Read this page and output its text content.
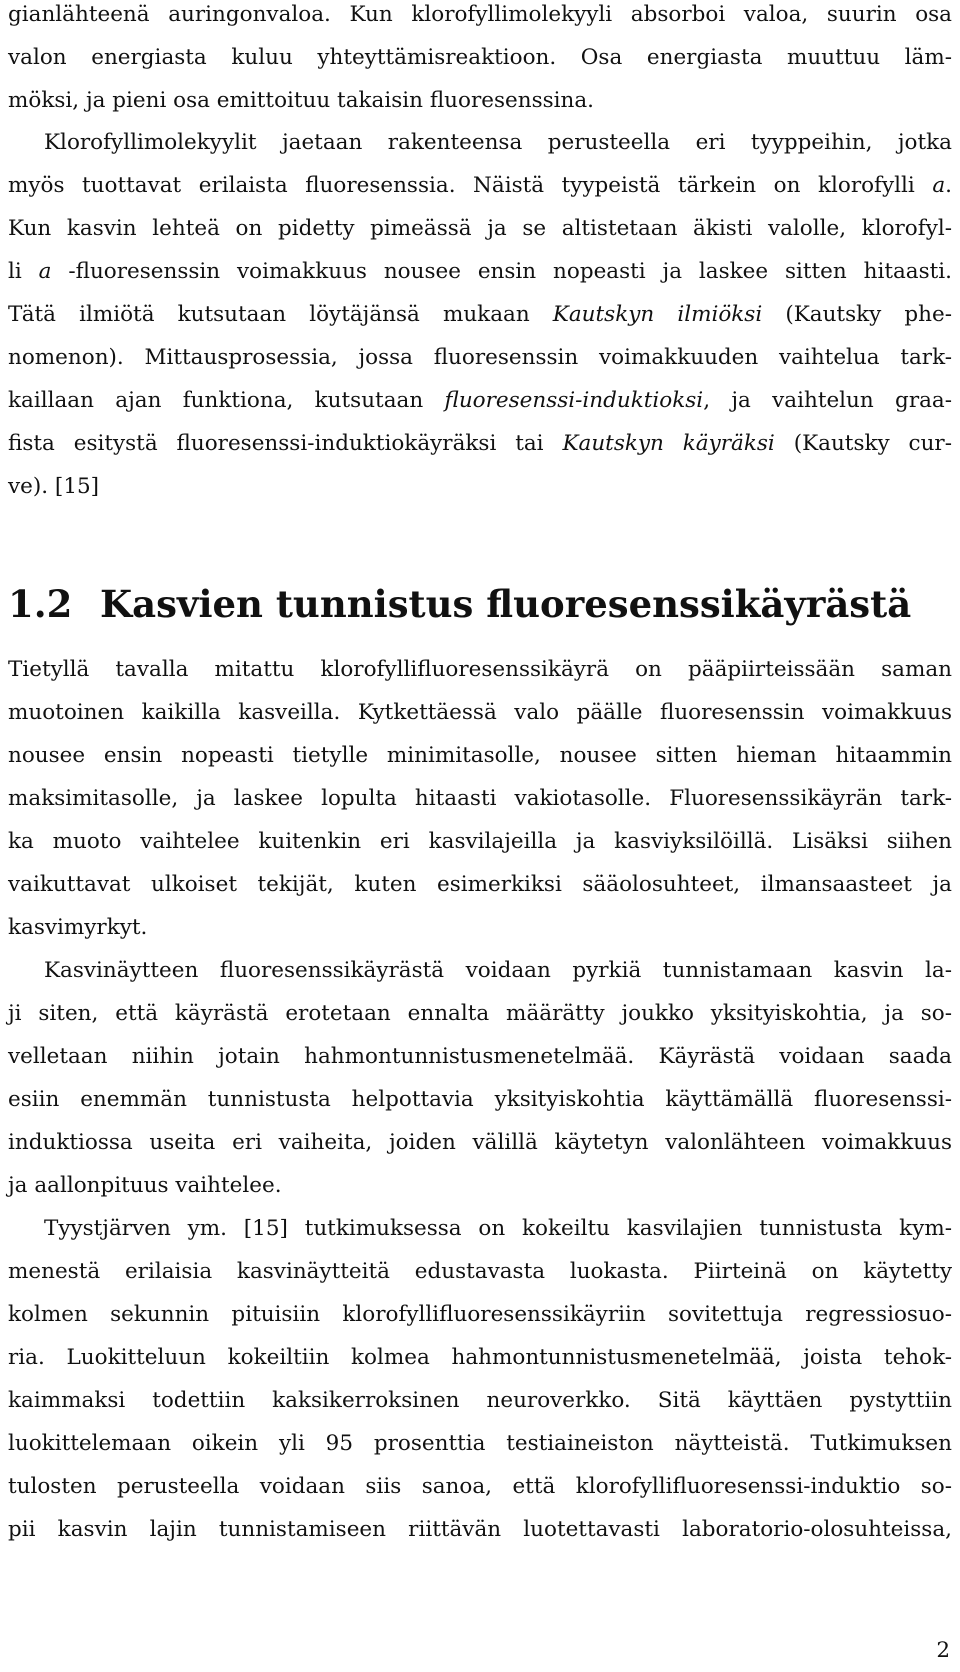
gianlähteenä auringonvaloa. Kun klorofyllimolekyyli absorboi valoa, suurin osa
valon energiasta kuluu yhteyttämisreaktioon. Osa energiasta muuttuu läm-
möksi, ja pieni osa emittoituu takaisin fluoresenssina.
Klorofyllimolekyylit jaetaan rakenteensa perusteella eri tyyppeihin, jotka
myös tuottavat erilaista fluoresenssia. Näistä tyypeistä tärkein on klorofylli a.
Kun kasvin lehteä on pidetty pimeässä ja se altistetaan äkisti valolle, klorofyl-
li a -fluoresenssin voimakkuus nousee ensin nopeasti ja laskee sitten hitaasti.
Tätä ilmiötä kutsutaan löytäjänsä mukaan Kautskyn ilmiöksi (Kautsky phe-
nomenon). Mittausprosessia, jossa fluoresenssin voimakkuuden vaihtelua tark-
kaillaan ajan funktiona, kutsutaan fluoresenssi-induktioksi, ja vaihtelun graa-
fista esitystä fluoresenssi-induktiokäyräksi tai Kautskyn käyräksi (Kautsky cur-
ve). [15]
1.2 Kasvien tunnistus fluoresenssikäyrästä
Tietyllä tavalla mitattu klorofyllifluoresenssikäyrä on pääpiirteissään saman
muotoinen kaikilla kasveilla. Kytkettäessä valo päälle fluoresenssin voimakkuus
nousee ensin nopeasti tietylle minimitasolle, nousee sitten hieman hitaammin
maksimitasolle, ja laskee lopulta hitaasti vakiotasolle. Fluoresenssikäyrän tark-
ka muoto vaihtelee kuitenkin eri kasvilajeilla ja kasviyksilöillä. Lisäksi siihen
vaikuttavat ulkoiset tekijät, kuten esimerkiksi sääolosuhteet, ilmansaasteet ja
kasvimyrkyt.
Kasvinäytteen fluoresenssikäyrästä voidaan pyrkiä tunnistamaan kasvin la-
ji siten, että käyrästä erotetaan ennalta määrätty joukko yksityiskohtia, ja so-
velletaan niihin jotain hahmontunnistusmenetelmää. Käyrästä voidaan saada
esiin enemmän tunnistusta helpottavia yksityiskohtia käyttämällä fluoresenssi-
induktiossa useita eri vaiheita, joiden välillä käytetyn valonlähteen voimakkuus
ja aallonpituus vaihtelee.
Tyystjärven ym. [15] tutkimuksessa on kokeiltu kasvilajien tunnistusta kym-
menestä erilaisia kasvinäytteitä edustavasta luokasta. Piirteinä on käytetty
kolmen sekunnin pituisiin klorofyllifluoresenssikäyriin sovitettuja regressiosuo-
ria. Luokitteluun kokeiltiin kolmea hahmontunnistusmenetelmää, joista tehok-
kaimmaksi todettiin kaksikerroksinen neuroverkko. Sitä käyttäen pystyttiin
luokittelemaan oikein yli 95 prosenttia testiaineiston näytteistä. Tutkimuksen
tulosten perusteella voidaan siis sanoa, että klorofyllifluoresenssi-induktio so-
pii kasvin lajin tunnistamiseen riittävän luotettavasti laboratorio-olosuhteissa,
2
